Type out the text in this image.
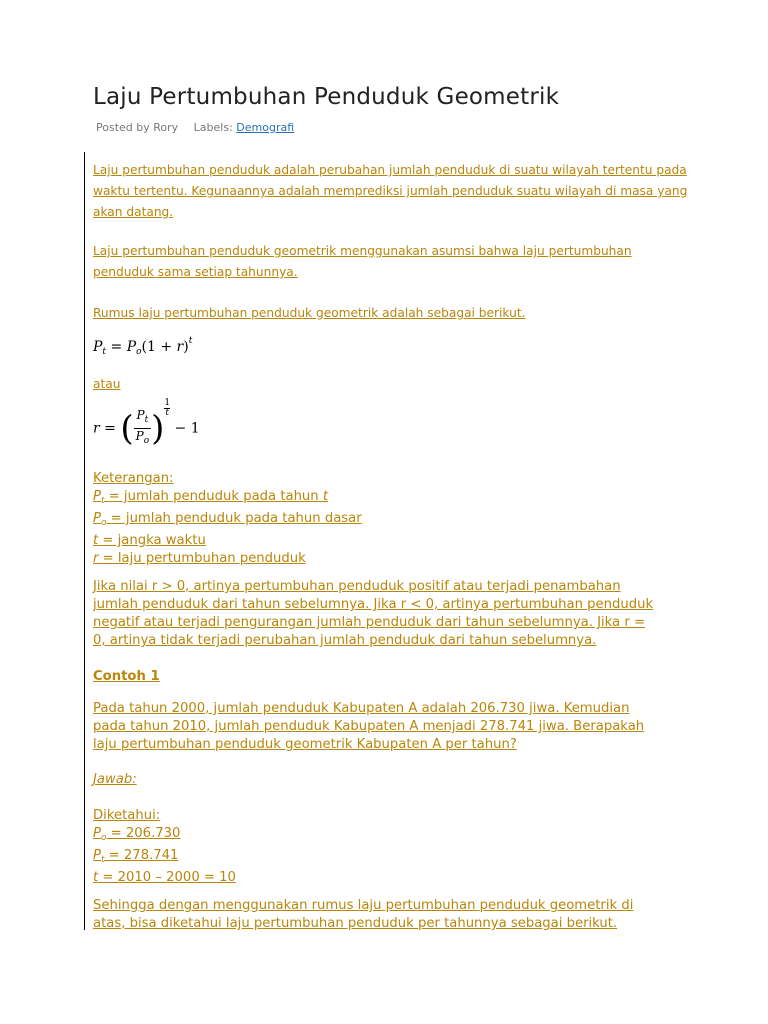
Laju Pertumbuhan Penduduk Geometrik
Posted by Rory Labels: Demografi
Laju pertumbuhan penduduk adalah perubahan jumlah penduduk di suatu wilayah tertentu pada
waktu tertentu. Kegunaannya adalah memprediksi jumlah penduduk suatu wilayah di masa yang
akan datang.
Laju pertumbuhan penduduk geometrik menggunakan asumsi bahwa laju pertumbuhan
penduduk sama setiap tahunnya.
Rumus laju pertumbuhan penduduk geometrik adalah sebagai berikut.
$P_t = P_o(1 + r)^t$
atau
r = ( $\frac{P_t}{P_o}$ )
$\frac{1}{t}$
− 1
Keterangan:
$P_t$ = jumlah penduduk pada tahun t
$P_o$ = jumlah penduduk pada tahun dasar
t = jangka waktu
r = laju pertumbuhan penduduk
Jika nilai r > 0, artinya pertumbuhan penduduk positif atau terjadi penambahan
jumlah penduduk dari tahun sebelumnya. Jika r < 0, artinya pertumbuhan penduduk
negatif atau terjadi pengurangan jumlah penduduk dari tahun sebelumnya. Jika r =
0, artinya tidak terjadi perubahan jumlah penduduk dari tahun sebelumnya.
Contoh 1
Pada tahun 2000, jumlah penduduk Kabupaten A adalah 206.730 jiwa. Kemudian
pada tahun 2010, jumlah penduduk Kabupaten A menjadi 278.741 jiwa. Berapakah
laju pertumbuhan penduduk geometrik Kabupaten A per tahun?
Jawab:
Diketahui:
$P_o = 206.730$
$P_t = 278.741$
t = 2010 – 2000 = 10
Sehingga dengan menggunakan rumus laju pertumbuhan penduduk geometrik di
atas, bisa diketahui laju pertumbuhan penduduk per tahunnya sebagai berikut.
